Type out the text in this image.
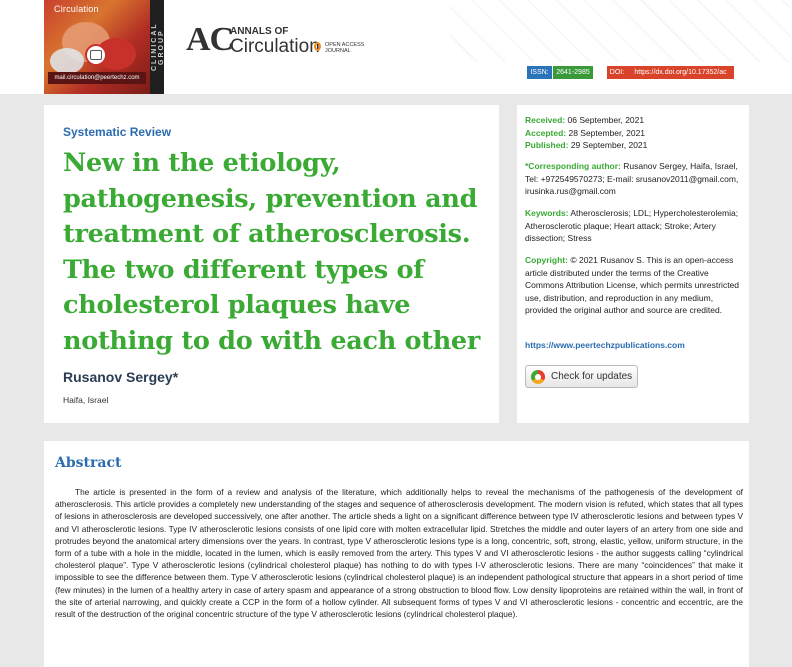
Circulation
mail.circulation@peertechz.com
CLINICAL GROUP AC
ANNALS OF
Circulation OPEN ACCESS JOURNAL
ISSN:	2641-2985	DOI:	https://dx.doi.org/10.17352/ac
Systematic Review
New in the etiology, pathogenesis, prevention and treatment of atherosclerosis. The two different types of cholesterol plaques have nothing to do with each other
Rusanov Sergey*
Haifa, Israel
Received: 06 September, 2021
Accepted: 28 September, 2021
Published: 29 September, 2021
*Corresponding author: Rusanov Sergey, Haifa, Israel, Tel: +972549570273; E-mail: srusanov2011@gmail.com, irusinka.rus@gmail.com
Keywords: Atherosclerosis; LDL; Hypercholesterolemia; Atherosclerotic plaque; Heart attack; Stroke; Artery dissection; Stress
Copyright: © 2021 Rusanov S. This is an open-access article distributed under the terms of the Creative Commons Attribution License, which permits unrestricted use, distribution, and reproduction in any medium, provided the original author and source are credited.
https://www.peertechzpublications.com
Check for updates
Abstract

The article is presented in the form of a review and analysis of the literature, which additionally helps to reveal the mechanisms of the pathogenesis of the development of atherosclerosis. This article provides a completely new understanding of the stages and sequence of atherosclerosis development. The modern vision is refuted, which states that all types of lesions in atherosclerosis are developed successively, one after another. The article sheds a light on a significant difference between type IV atherosclerotic lesions and between types V and VI atherosclerotic lesions. Type IV atherosclerotic lesions consists of one lipid core with molten extracellular lipid. Stretches the middle and outer layers of an artery from one side and protrudes beyond the anatomical artery dimensions over the years. In contrast, type V atherosclerotic lesions type is a long, concentric, soft, strong, elastic, yellow, uniform structure, in the form of a tube with a hole in the middle, located in the lumen, which is easily removed from the artery. This types V and VI atherosclerotic lesions - the author suggests calling “cylindrical cholesterol plaque”. Type V atherosclerotic lesions (cylindrical cholesterol plaque) has nothing to do with types I-V atherosclerotic lesions. There are many “coincidences” that make it impossible to see the difference between them. Type V atherosclerotic lesions (cylindrical cholesterol plaque) is an independent pathological structure that appears in a short period of time (few minutes) in the lumen of a healthy artery in case of artery spasm and appearance of a strong obstruction to blood flow. Low density lipoproteins are retained within the wall, in front of the site of arterial narrowing, and quickly create a CCP in the form of a hollow cylinder. All subsequent forms of types V and VI atherosclerotic lesions - concentric and eccentric, are the result of the destruction of the original concentric structure of the type V atherosclerotic lesions (cylindrical cholesterol plaque).
